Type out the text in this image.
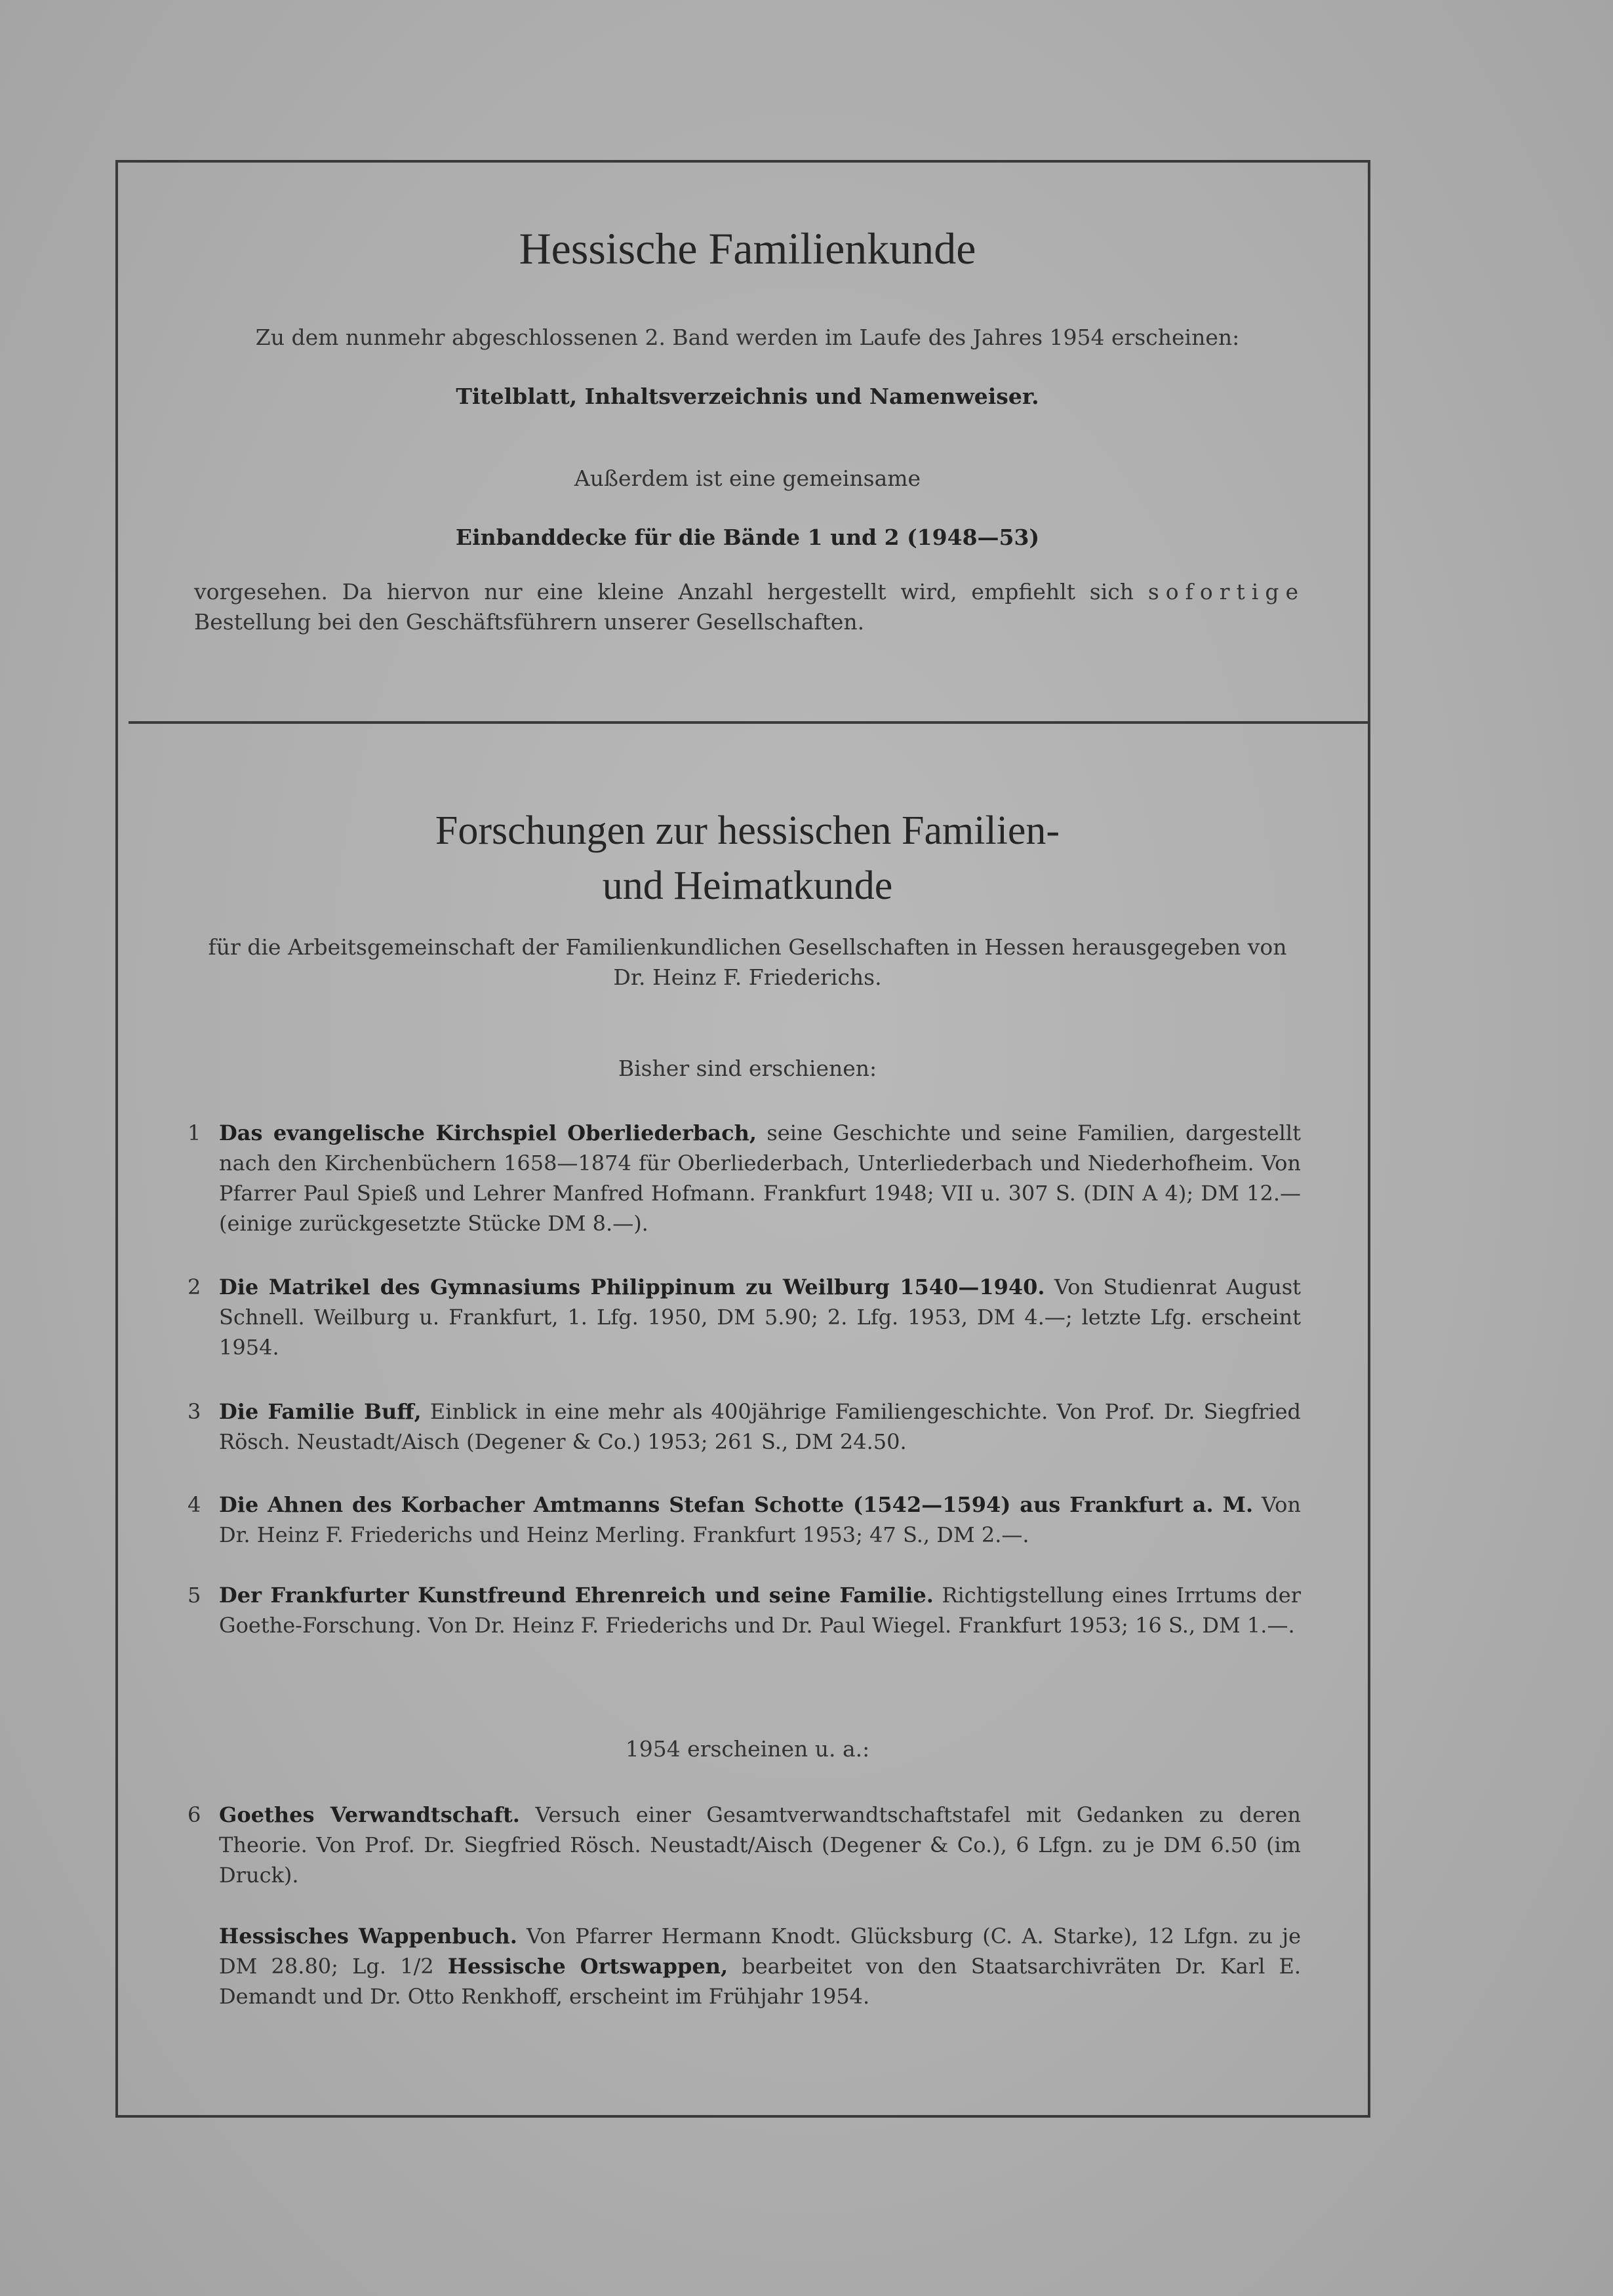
Hessische Familienkunde
Zu dem nunmehr abgeschlossenen 2. Band werden im Laufe des Jahres 1954 erscheinen:
Titelblatt, Inhaltsverzeichnis und Namenweiser.
Außerdem ist eine gemeinsame
Einbanddecke für die Bände 1 und 2 (1948—53)
vorgesehen. Da hiervon nur eine kleine Anzahl hergestellt wird, empfiehlt sich sofortige Bestellung bei den Geschäftsführern unserer Gesellschaften.
Forschungen zur hessischen Familien-
und Heimatkunde
für die Arbeitsgemeinschaft der Familienkundlichen Gesellschaften in Hessen herausgegeben von
Dr. Heinz F. Friederichs.
Bisher sind erschienen:
1 Das evangelische Kirchspiel Oberliederbach, seine Geschichte und seine Familien, dargestellt nach den Kirchenbüchern 1658—1874 für Oberliederbach, Unterliederbach und Niederhofheim. Von Pfarrer Paul Spieß und Lehrer Manfred Hofmann. Frankfurt 1948; VII u. 307 S. (DIN A 4); DM 12.— (einige zurückgesetzte Stücke DM 8.—).
2 Die Matrikel des Gymnasiums Philippinum zu Weilburg 1540—1940. Von Studienrat August Schnell. Weilburg u. Frankfurt, 1. Lfg. 1950, DM 5.90; 2. Lfg. 1953, DM 4.—; letzte Lfg. erscheint 1954.
3 Die Familie Buff, Einblick in eine mehr als 400jährige Familiengeschichte. Von Prof. Dr. Siegfried Rösch. Neustadt/Aisch (Degener & Co.) 1953; 261 S., DM 24.50.
4 Die Ahnen des Korbacher Amtmanns Stefan Schotte (1542—1594) aus Frankfurt a. M. Von Dr. Heinz F. Friederichs und Heinz Merling. Frankfurt 1953; 47 S., DM 2.—.
5 Der Frankfurter Kunstfreund Ehrenreich und seine Familie. Richtigstellung eines Irrtums der Goethe-Forschung. Von Dr. Heinz F. Friederichs und Dr. Paul Wiegel. Frankfurt 1953; 16 S., DM 1.—.
1954 erscheinen u. a.:
6 Goethes Verwandtschaft. Versuch einer Gesamtverwandtschaftstafel mit Gedanken zu deren Theorie. Von Prof. Dr. Siegfried Rösch. Neustadt/Aisch (Degener & Co.), 6 Lfgn. zu je DM 6.50 (im Druck).
Hessisches Wappenbuch. Von Pfarrer Hermann Knodt. Glücksburg (C. A. Starke), 12 Lfgn. zu je DM 28.80; Lg. 1/2 Hessische Ortswappen, bearbeitet von den Staatsarchivräten Dr. Karl E. Demandt und Dr. Otto Renkhoff, erscheint im Frühjahr 1954.
